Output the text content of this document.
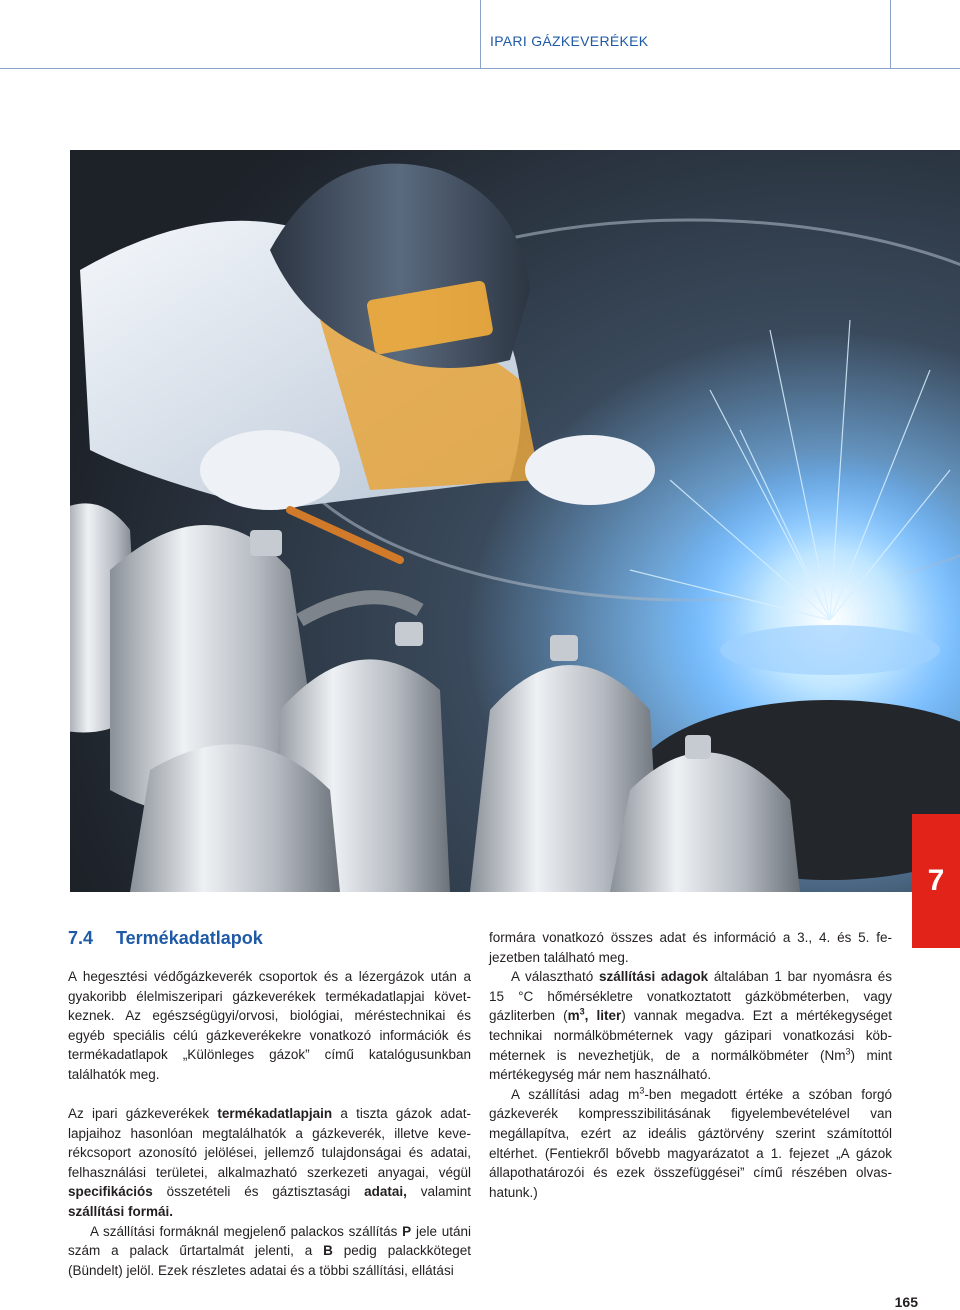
IPARI GÁZKEVERÉKEK
7
7.4 Termékadatlapok

A hegesztési védőgázkeverék csoportok és a lézergázok után a gyakoribb élelmiszeripari gázkeverékek termékadatlapjai következnek. Az egészségügyi/orvosi, biológiai, méréstechnikai és egyéb speciális célú gázkeverékekre vonatkozó információk és termékadatlapok „Különleges gázok” című katalógusunkban találhatók meg.

Az ipari gázkeverékek termékadatlapjain a tiszta gázok adatlapjaihoz hasonlóan megtalálhatók a gázkeverék, illetve keverékcsoport azonosító jelölései, jellemző tulajdonságai és adatai, felhasználási területei, alkalmazható szerkezeti anyagai, végül specifikációs összetételi és gáztisztasági adatai, valamint szállítási formái.

A szállítási formáknál megjelenő palackos szállítás P jele utáni szám a palack űrtartalmát jelenti, a B pedig palackköteget (Bündelt) jelöl. Ezek részletes adatai és a többi szállítási, ellátási

formára vonatkozó összes adat és információ a 3., 4. és 5. fejezetben található meg.

A választható szállítási adagok általában 1 bar nyomásra és 15 °C hőmérsékletre vonatkoztatott gázköbméterben, vagy gázliterben ($m^3$, liter) vannak megadva. Ezt a mértékegységet technikai normálköbméternek vagy gázipari vonatkozási köbméternek is nevezhetjük, de a normálköbméter (Nm$^3$) mint mértékegység már nem használható.

A szállítási adag $m^3$-ben megadott értéke a szóban forgó gázkeverék kompresszibilitásának figyelembevételével van megállapítva, ezért az ideális gáztörvény szerint számítottól eltérhet. (Fentiekről bővebb magyarázatot a 1. fejezet „A gázok állapothatározói és ezek összefüggései” című részében olvashatunk.)

165
